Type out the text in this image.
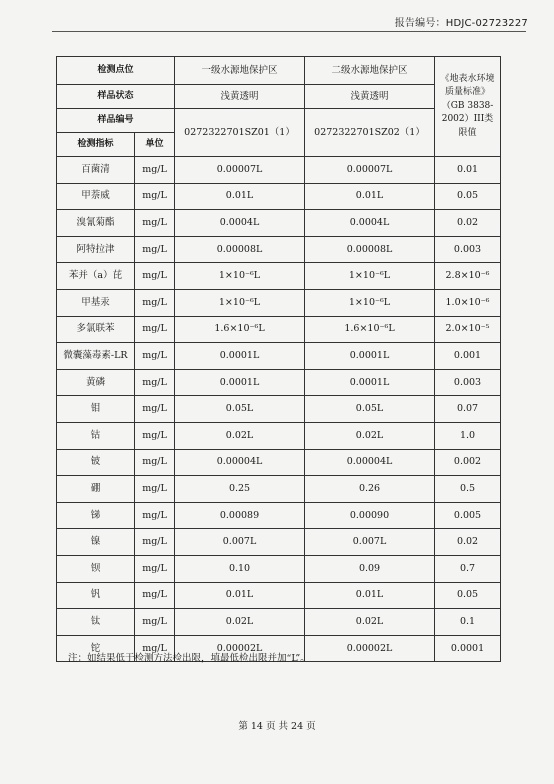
报告编号：HDJC-02723227
检测点位		一级水源地保护区	二级水源地保护区	《地表水环境质量标准》（GB 3838-2002）III类限值
样品状态		浅黄透明	浅黄透明	
样品编号		0272322701SZ01（1）	0272322701SZ02（1）	
检测指标	单位			
百菌清	mg/L	0.00007L	0.00007L	0.01
甲萘威	mg/L	0.01L	0.01L	0.05
溴氰菊酯	mg/L	0.0004L	0.0004L	0.02
阿特拉津	mg/L	0.00008L	0.00008L	0.003
苯并（a）芘	mg/L	1×10⁻⁶L	1×10⁻⁶L	2.8×10⁻⁶
甲基汞	mg/L	1×10⁻⁶L	1×10⁻⁶L	1.0×10⁻⁶
多氯联苯	mg/L	1.6×10⁻⁶L	1.6×10⁻⁶L	2.0×10⁻⁵
微囊藻毒素-LR	mg/L	0.0001L	0.0001L	0.001
黄磷	mg/L	0.0001L	0.0001L	0.003
钼	mg/L	0.05L	0.05L	0.07
钴	mg/L	0.02L	0.02L	1.0
铍	mg/L	0.00004L	0.00004L	0.002
硼	mg/L	0.25	0.26	0.5
锑	mg/L	0.00089	0.00090	0.005
镍	mg/L	0.007L	0.007L	0.02
钡	mg/L	0.10	0.09	0.7
钒	mg/L	0.01L	0.01L	0.05
钛	mg/L	0.02L	0.02L	0.1
铊	mg/L	0.00002L	0.00002L	0.0001
注：如结果低于检测方法检出限，填最低检出限并加“L”。
第 14 页 共 24 页
